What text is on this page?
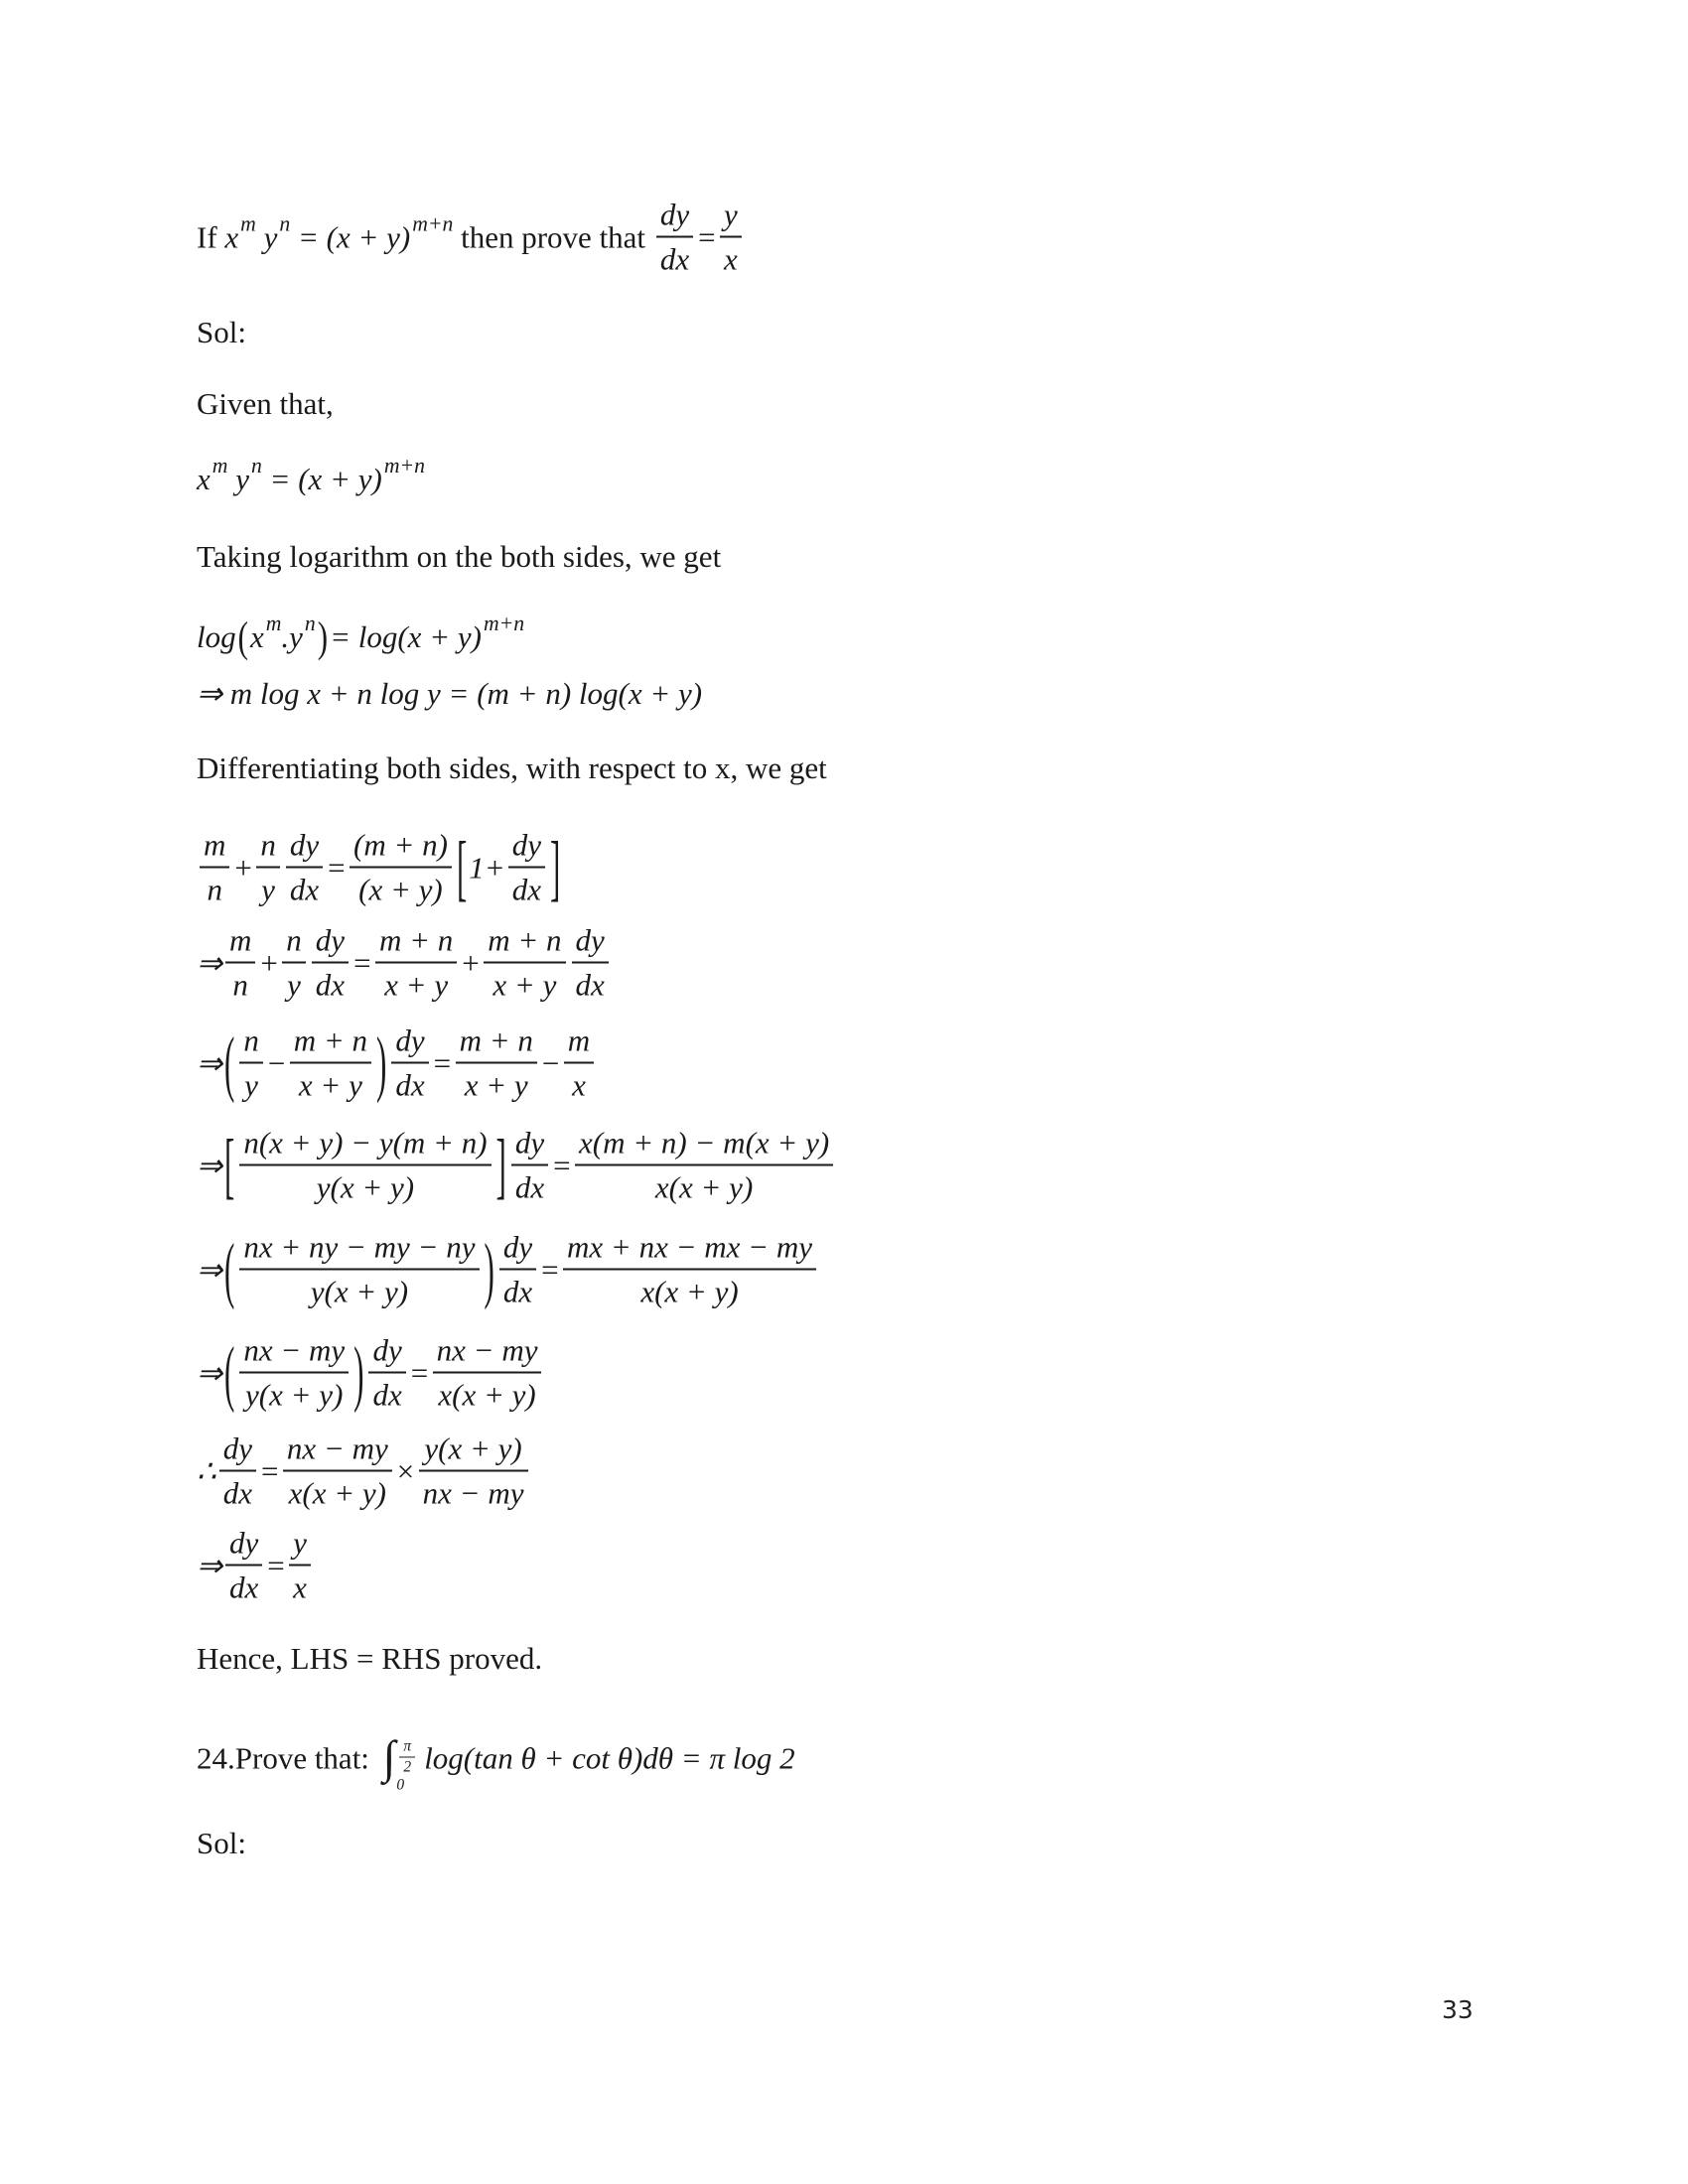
If x m y n = (x + y) m+n then prove that $\frac{dy}{dx} = \frac{y}{x}$
Sol:
Given that,
x m y n = (x + y) m+n
Taking logarithm on the both sides, we get
log ( x m .y n ) = log(x + y) m+n
⇒ m log x + n log y = (m + n) log(x + y)
Differentiating both sides, with respect to x, we get
$\frac{m}{n} + \frac{n}{y} \frac{dy}{dx} = \frac{(m + n)}{(x + y)}$ [ $1+ \frac{dy}{dx}$ ]
⇒ $\frac{m}{n} + \frac{n}{y} \frac{dy}{dx} = \frac{m + n}{x + y} + \frac{m + n}{x + y} \frac{dy}{dx}$
⇒ ( $\frac{n}{y} - \frac{m + n}{x + y}$ ) $\frac{dy}{dx} = \frac{m + n}{x + y} - \frac{m}{x}$
⇒ [ $\frac{n(x + y) - y(m + n)}{y(x + y)}$ ] $\frac{dy}{dx} = \frac{x(m + n) - m(x + y)}{x(x + y)}$
⇒ ( $\frac{nx + ny - my - ny}{y(x + y)}$ ) $\frac{dy}{dx} = \frac{mx + nx - mx - my}{x(x + y)}$
⇒ ( $\frac{nx - my}{y(x + y)}$ ) $\frac{dy}{dx} = \frac{nx - my}{x(x + y)}$
∴ $\frac{dy}{dx} = \frac{nx - my}{x(x + y)} \times \frac{y(x + y)}{nx - my}$
⇒ $\frac{dy}{dx} = \frac{y}{x}$
Hence, LHS = RHS proved.
24.Prove that: ∫ $\frac{\pi}{2}$
0
log(tan θ + cot θ)dθ = π log 2
Sol:
33
